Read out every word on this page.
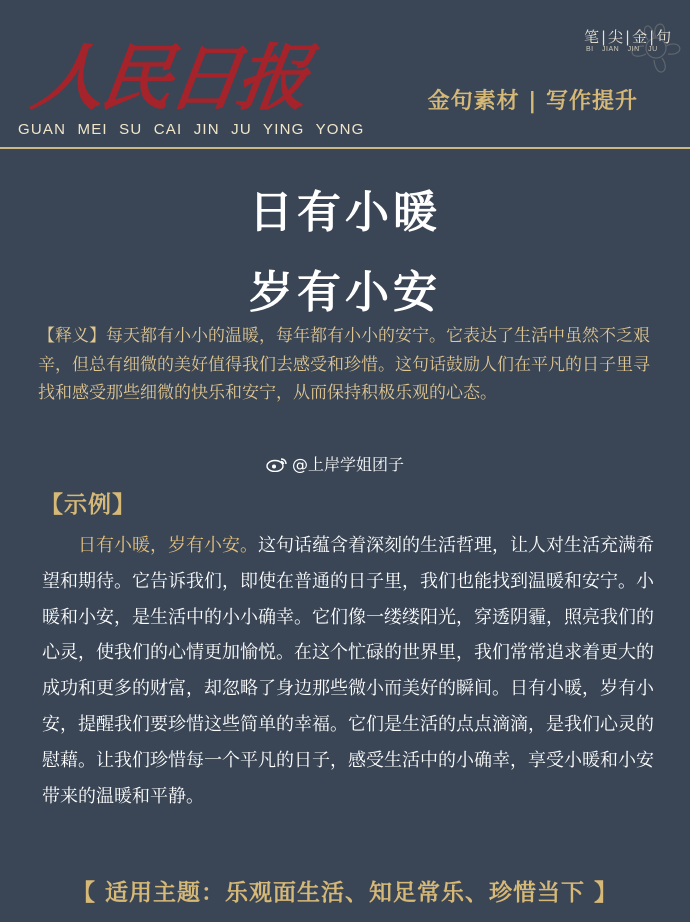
人民日报
GUAN MEI SU CAI JIN JU YING YONG
笔|尖|金|句
BI JIAN JIN JU
金句素材 | 写作提升
日有小暖
岁有小安
【释义】每天都有小小的温暖，每年都有小小的安宁。它表达了生活中虽然不乏艰辛，但总有细微的美好值得我们去感受和珍惜。这句话鼓励人们在平凡的日子里寻找和感受那些细微的快乐和安宁，从而保持积极乐观的心态。
@上岸学姐团子
【示例】
日有小暖，岁有小安。这句话蕴含着深刻的生活哲理，让人对生活充满希望和期待。它告诉我们，即使在普通的日子里，我们也能找到温暖和安宁。小暖和小安，是生活中的小小确幸。它们像一缕缕阳光，穿透阴霾，照亮我们的心灵，使我们的心情更加愉悦。在这个忙碌的世界里，我们常常追求着更大的成功和更多的财富，却忽略了身边那些微小而美好的瞬间。日有小暖，岁有小安，提醒我们要珍惜这些简单的幸福。它们是生活的点点滴滴，是我们心灵的慰藉。让我们珍惜每一个平凡的日子，感受生活中的小确幸，享受小暖和小安带来的温暖和平静。
【 适用主题：乐观面生活、知足常乐、珍惜当下 】
